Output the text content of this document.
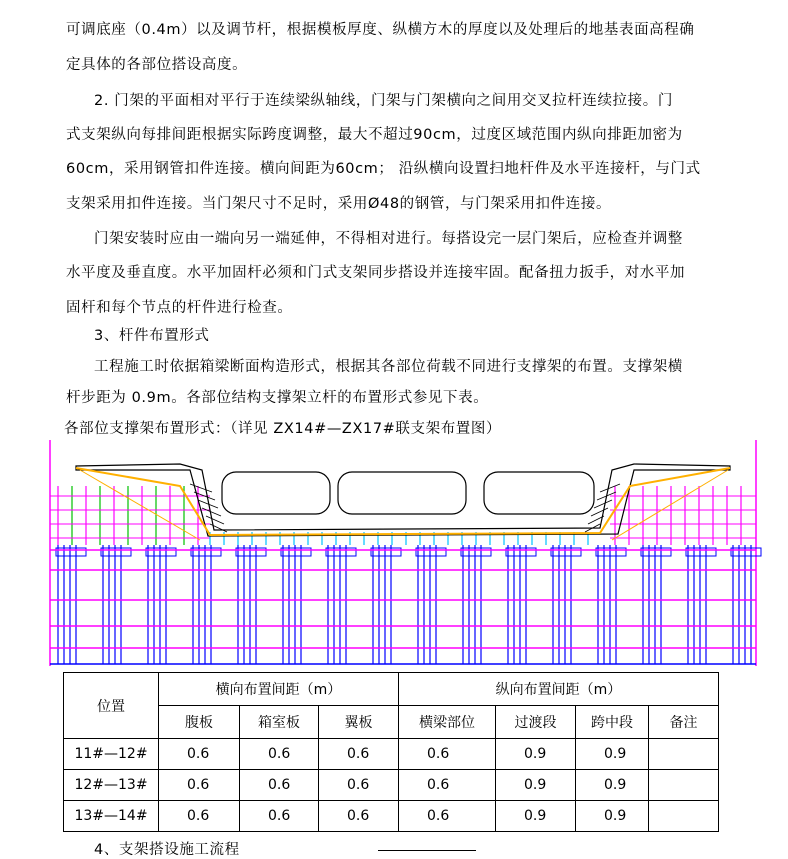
可调底座（0.4m）以及调节杆，根据模板厚度、纵横方木的厚度以及处理后的地基表面高程确
定具体的各部位搭设高度。
2. 门架的平面相对平行于连续梁纵轴线，门架与门架横向之间用交叉拉杆连续拉接。门
式支架纵向每排间距根据实际跨度调整，最大不超过90cm，过度区域范围内纵向排距加密为
60cm，采用钢管扣件连接。横向间距为60cm； 沿纵横向设置扫地杆件及水平连接杆，与门式
支架采用扣件连接。当门架尺寸不足时，采用Ø48的钢管，与门架采用扣件连接。
门架安装时应由一端向另一端延伸，不得相对进行。每搭设完一层门架后，应检查并调整
水平度及垂直度。水平加固杆必须和门式支架同步搭设并连接牢固。配备扭力扳手，对水平加
固杆和每个节点的杆件进行检查。
3、杆件布置形式
工程施工时依据箱梁断面构造形式，根据其各部位荷载不同进行支撑架的布置。支撑架横
杆步距为 0.9m。各部位结构支撑架立杆的布置形式参见下表。
各部位支撑架布置形式：（详见 ZX14#—ZX17#联支架布置图）
位置	横向布置间距（m）			纵向布置间距（m）			
	腹板	箱室板	翼板	横梁部位	过渡段	跨中段	备注
11#—12#	0.6	0.6	0.6	0.6	0.9	0.9	
12#—13#	0.6	0.6	0.6	0.6	0.9	0.9	
13#—14#	0.6	0.6	0.6	0.6	0.9	0.9	
4、支架搭设施工流程
